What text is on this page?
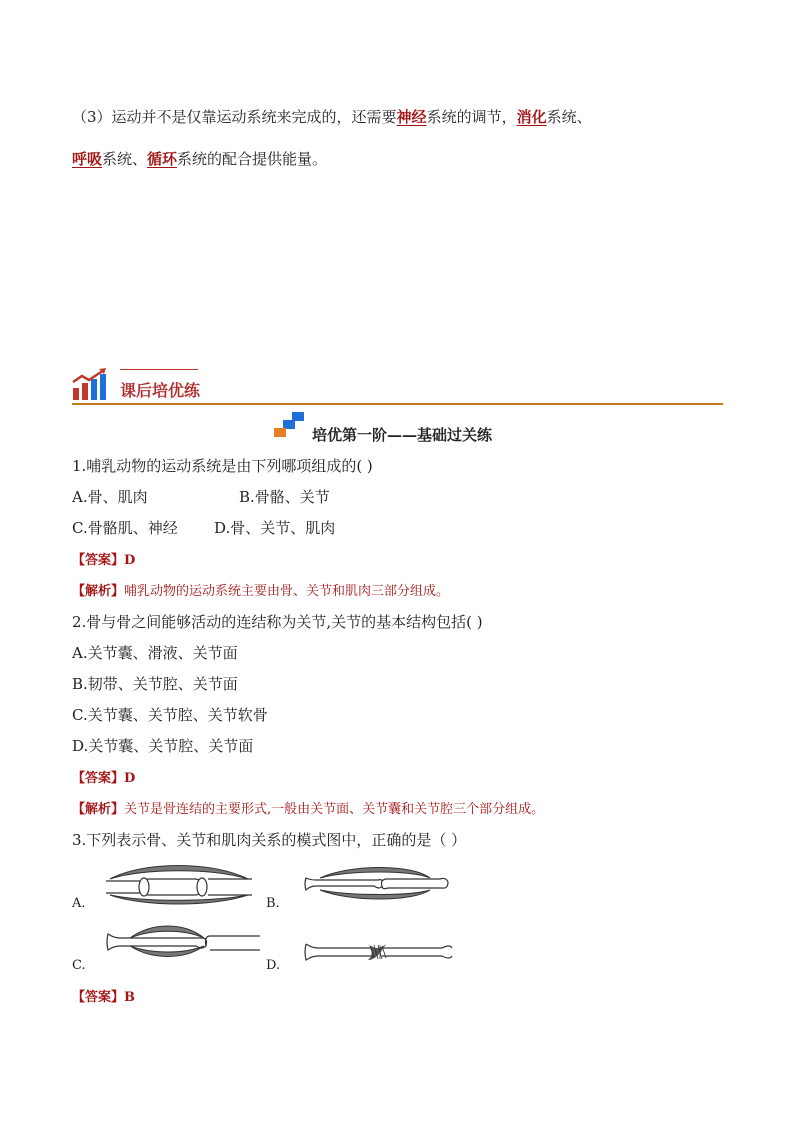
（3）运动并不是仅靠运动系统来完成的，还需要神经系统的调节，消化系统、
呼吸系统、循环系统的配合提供能量。
课后培优练
培优第一阶——基础过关练
1.哺乳动物的运动系统是由下列哪项组成的( )
A.骨、肌肉	B.骨骼、关节
C.骨骼肌、神经 D.骨、关节、肌肉
【答案】D
【解析】哺乳动物的运动系统主要由骨、关节和肌肉三部分组成。
2.骨与骨之间能够活动的连结称为关节,关节的基本结构包括( )
A.关节囊、滑液、关节面
B.韧带、关节腔、关节面
C.关节囊、关节腔、关节软骨
D.关节囊、关节腔、关节面
【答案】D
【解析】关节是骨连结的主要形式,一般由关节面、关节囊和关节腔三个部分组成。
3.下列表示骨、关节和肌肉关系的模式图中，正确的是（ ）
A.	B.
C.	D.
【答案】B
